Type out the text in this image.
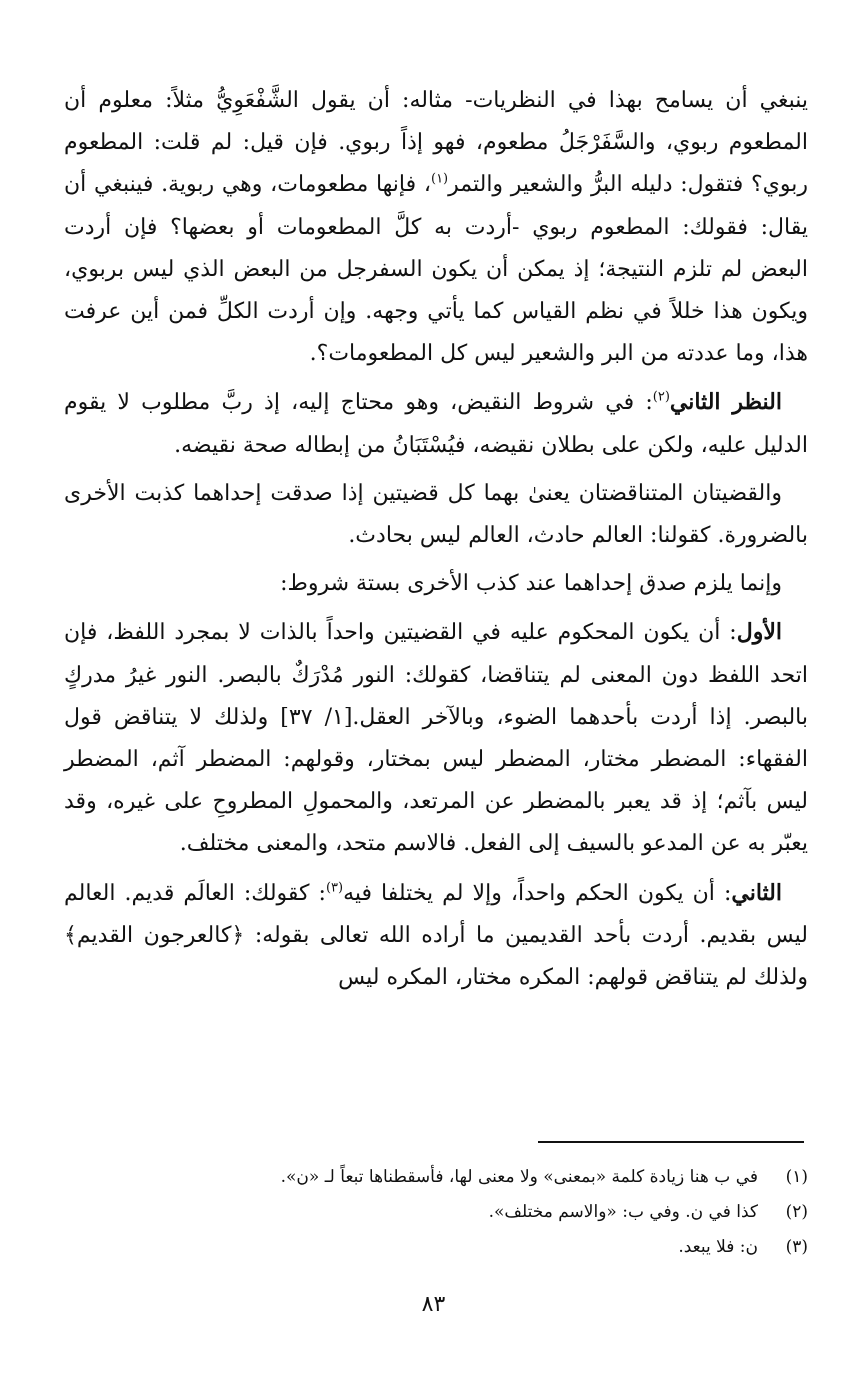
ينبغي أن يسامح بهذا في النظريات- مثاله: أن يقول الشَّفْعَوِيُّ مثلاً: معلوم أن المطعوم ربوي، والسَّفَرْجَلُ مطعوم، فهو إذاً ربوي. فإن قيل: لم قلت: المطعوم ربوي؟ فتقول: دليله البرُّ والشعير والتمر$^{(١)}$، فإنها مطعومات، وهي ربوية. فينبغي أن يقال: فقولك: المطعوم ربوي -أردت به كلَّ المطعومات أو بعضها؟ فإن أردت البعض لم تلزم النتيجة؛ إذ يمكن أن يكون السفرجل من البعض الذي ليس بربوي، ويكون هذا خللاً في نظم القياس كما يأتي وجهه. وإن أردت الكلِّ فمن أين عرفت هذا، وما عددته من البر والشعير ليس كل المطعومات؟.

النظر الثاني$^{(٢)}$: في شروط النقيض، وهو محتاج إليه، إذ ربَّ مطلوب لا يقوم الدليل عليه، ولكن على بطلان نقيضه، فيُسْتَبَانُ من إبطاله صحة نقيضه.

والقضيتان المتناقضتان يعنىٰ بهما كل قضيتين إذا صدقت إحداهما كذبت الأخرى بالضرورة. كقولنا: العالم حادث، العالم ليس بحادث.

وإنما يلزم صدق إحداهما عند كذب الأخرى بستة شروط:

الأول: أن يكون المحكوم عليه في القضيتين واحداً بالذات لا بمجرد اللفظ، فإن اتحد اللفظ دون المعنى لم يتناقضا، كقولك: النور مُدْرَكٌ بالبصر. النور غيرُ مدركٍ بالبصر. إذا أردت بأحدهما الضوء، وبالآخر العقل.[١/ ٣٧] ولذلك لا يتناقض قول الفقهاء: المضطر مختار، المضطر ليس بمختار، وقولهم: المضطر آثم، المضطر ليس بآثم؛ إذ قد يعبر بالمضطر عن المرتعد، والمحمولِ المطروحِ على غيره، وقد يعبّر به عن المدعو بالسيف إلى الفعل. فالاسم متحد، والمعنى مختلف.

الثاني: أن يكون الحكم واحداً، وإلا لم يختلفا فيه$^{(٣)}$: كقولك: العالَم قديم. العالم ليس بقديم. أردت بأحد القديمين ما أراده الله تعالى بقوله: ﴿كالعرجون القديم﴾ ولذلك لم يتناقض قولهم: المكره مختار، المكره ليس

(١)
في ب هنا زيادة كلمة «بمعنى» ولا معنى لها، فأسقطناها تبعاً لـ «ن».
(٢)
كذا في ن. وفي ب: «والاسم مختلف».
(٣)
ن: فلا يبعد.
٨٣
